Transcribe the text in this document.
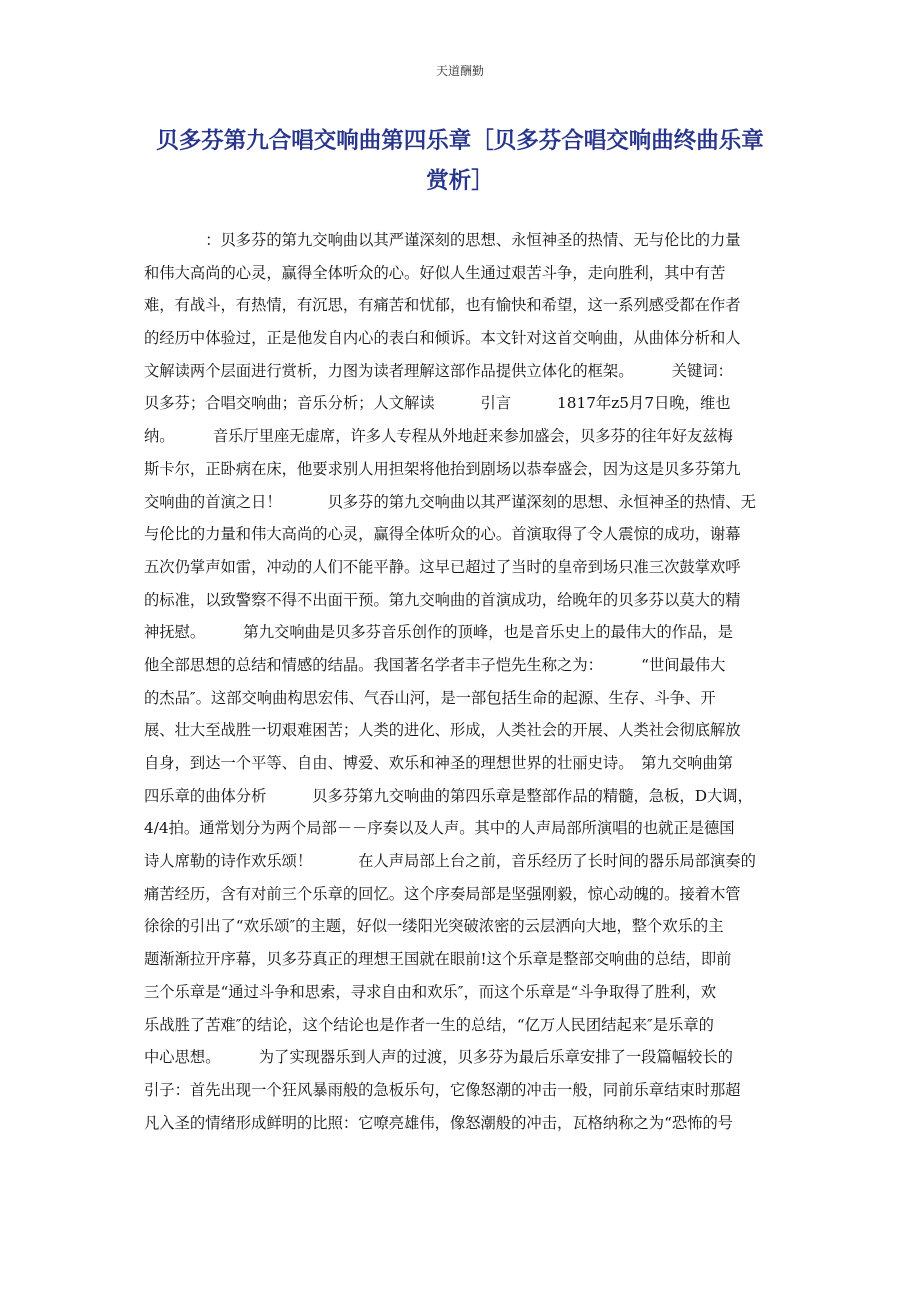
天道酬勤
贝多芬第九合唱交响曲第四乐章［贝多芬合唱交响曲终曲乐章
赏析］
　　　　：贝多芬的第九交响曲以其严谨深刻的思想、永恒神圣的热情、无与伦比的力量
和伟大高尚的心灵，赢得全体听众的心。好似人生通过艰苦斗争，走向胜利，其中有苦
难，有战斗，有热情，有沉思，有痛苦和忧郁，也有愉快和希望，这一系列感受都在作者
的经历中体验过，正是他发自内心的表白和倾诉。本文针对这首交响曲，从曲体分析和人
文解读两个层面进行赏析，力图为读者理解这部作品提供立体化的框架。　　　关键词：
贝多芬；合唱交响曲；音乐分析；人文解读　　　引言　　　1817年z5月7日晚，维也
纳。　　　音乐厅里座无虚席，许多人专程从外地赶来参加盛会，贝多芬的往年好友兹梅
斯卡尔，正卧病在床，他要求别人用担架将他抬到剧场以恭奉盛会，因为这是贝多芬第九
交响曲的首演之日！　　　贝多芬的第九交响曲以其严谨深刻的思想、永恒神圣的热情、无
与伦比的力量和伟大高尚的心灵，赢得全体听众的心。首演取得了令人震惊的成功，谢幕
五次仍掌声如雷，冲动的人们不能平静。这早已超过了当时的皇帝到场只准三次鼓掌欢呼
的标准，以致警察不得不出面干预。第九交响曲的首演成功，给晚年的贝多芬以莫大的精
神抚慰。　　　第九交响曲是贝多芬音乐创作的顶峰，也是音乐史上的最伟大的作品，是
他全部思想的总结和情感的结晶。我国著名学者丰子恺先生称之为：　　　“世间最伟大
的杰品″。这部交响曲构思宏伟、气吞山河，是一部包括生命的起源、生存、斗争、开
展、壮大至战胜一切艰难困苦；人类的进化、形成，人类社会的开展、人类社会彻底解放
自身，到达一个平等、自由、博爱、欢乐和神圣的理想世界的壮丽史诗。　第九交响曲第
四乐章的曲体分析　　　贝多芬第九交响曲的第四乐章是整部作品的精髓，急板，D大调，
4/4拍。通常划分为两个局部－－序奏以及人声。其中的人声局部所演唱的也就正是德国
诗人席勒的诗作欢乐颂！　　　在人声局部上台之前，音乐经历了长时间的器乐局部演奏的
痛苦经历，含有对前三个乐章的回忆。这个序奏局部是坚强刚毅，惊心动魄的。接着木管
徐徐的引出了“欢乐颂″的主题，好似一缕阳光突破浓密的云层洒向大地，整个欢乐的主
题渐渐拉开序幕，贝多芬真正的理想王国就在眼前!这个乐章是整部交响曲的总结，即前
三个乐章是“通过斗争和思索，寻求自由和欢乐″，而这个乐章是“斗争取得了胜利，欢
乐战胜了苦难″的结论，这个结论也是作者一生的总结，“亿万人民团结起来″是乐章的
中心思想。　　　为了实现器乐到人声的过渡，贝多芬为最后乐章安排了一段篇幅较长的
引子：首先出现一个狂风暴雨般的急板乐句，它像怒潮的冲击一般，同前乐章结束时那超
凡入圣的情绪形成鲜明的比照：它嘹亮雄伟，像怒潮般的冲击，瓦格纳称之为“恐怖的号
